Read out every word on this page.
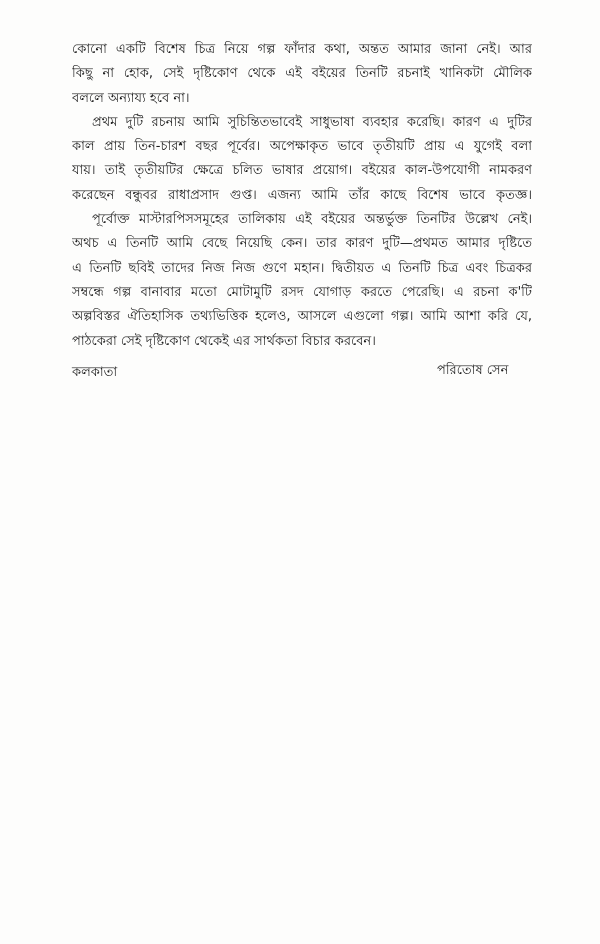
কোনো একটি বিশেষ চিত্র নিয়ে গল্প ফাঁদার কথা, অন্তত আমার জানা নেই। আর
কিছু না হোক, সেই দৃষ্টিকোণ থেকে এই বইয়ের তিনটি রচনাই খানিকটা মৌলিক
বললে অন্যায্য হবে না।
প্রথম দুটি রচনায় আমি সুচিন্তিতভাবেই সাধুভাষা ব্যবহার করেছি। কারণ এ দুটির
কাল প্রায় তিন-চারশ বছর পূর্বের। অপেক্ষাকৃত ভাবে তৃতীয়টি প্রায় এ যুগেই বলা
যায়। তাই তৃতীয়টির ক্ষেত্রে চলিত ভাষার প্রয়োগ। বইয়ের কাল-উপযোগী নামকরণ
করেছেন বন্ধুবর রাধাপ্রসাদ গুপ্ত। এজন্য আমি তাঁর কাছে বিশেষ ভাবে কৃতজ্ঞ।
পূর্বোক্ত মাস্টারপিসসমূহের তালিকায় এই বইয়ের অন্তর্ভুক্ত তিনটির উল্লেখ নেই।
অথচ এ তিনটি আমি বেছে নিয়েছি কেন। তার কারণ দুটি—প্রথমত আমার দৃষ্টিতে
এ তিনটি ছবিই তাদের নিজ নিজ গুণে মহান। দ্বিতীয়ত এ তিনটি চিত্র এবং চিত্রকর
সম্বন্ধে গল্প বানাবার মতো মোটামুটি রসদ যোগাড় করতে পেরেছি। এ রচনা ক'টি
অল্পবিস্তর ঐতিহাসিক তথ্যভিত্তিক হলেও, আসলে এগুলো গল্প। আমি আশা করি যে,
পাঠকেরা সেই দৃষ্টিকোণ থেকেই এর সার্থকতা বিচার করবেন।
কলকাতা	পরিতোষ সেন
